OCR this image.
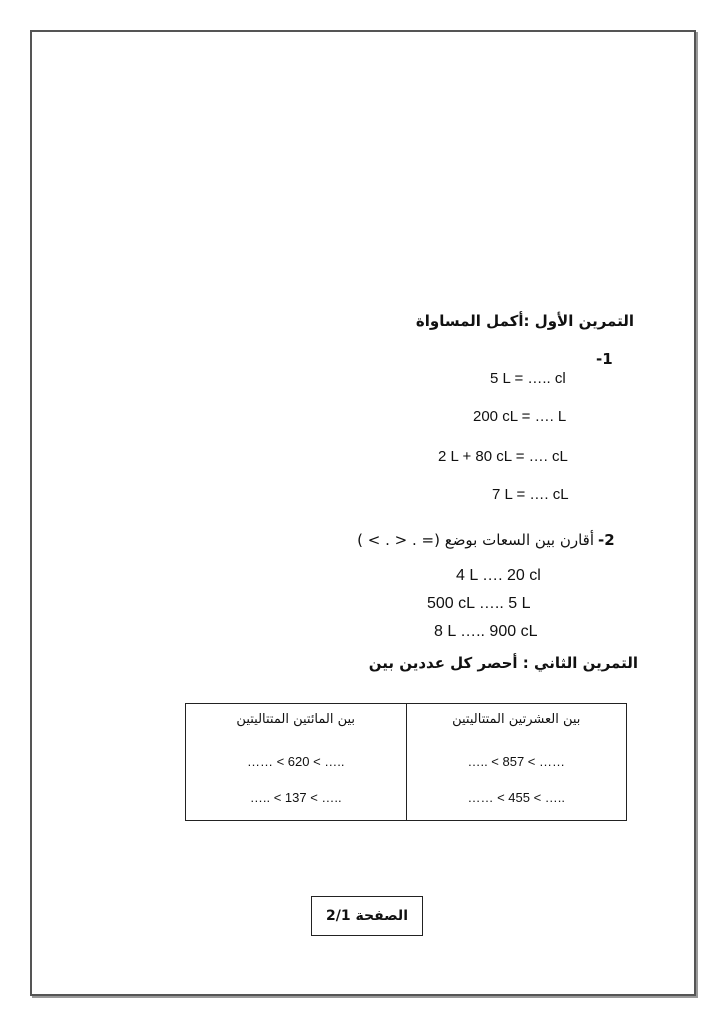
التمرين الأول :أكمل المساواة
-1
5 L = ….. cl
200 cL = …. L
2 L + 80 cL = …. cL
7 L = …. cL
-2
أقارن بين السعات بوضع (= . < . > )
4 L …. 20 cl
500 cL ….. 5 L
8 L ….. 900 cL
التمرين الثاني : أحصر كل عددين بين
بين المائتين المتتاليتين
…… < 620 < …..
….. < 137 < …..

بين العشرتين المتتاليتين
….. < 857 < ……
…… < 455 < …..
الصفحة 2/1
